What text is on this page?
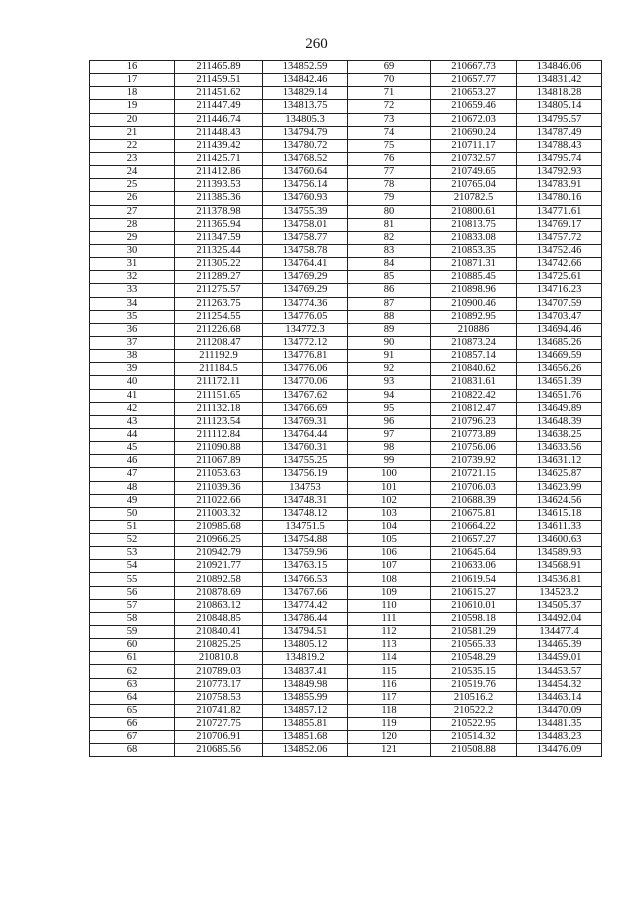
260
16	211465.89	134852.59	69	210667.73	134846.06
17	211459.51	134842.46	70	210657.77	134831.42
18	211451.62	134829.14	71	210653.27	134818.28
19	211447.49	134813.75	72	210659.46	134805.14
20	211446.74	134805.3	73	210672.03	134795.57
21	211448.43	134794.79	74	210690.24	134787.49
22	211439.42	134780.72	75	210711.17	134788.43
23	211425.71	134768.52	76	210732.57	134795.74
24	211412.86	134760.64	77	210749.65	134792.93
25	211393.53	134756.14	78	210765.04	134783.91
26	211385.36	134760.93	79	210782.5	134780.16
27	211378.98	134755.39	80	210800.61	134771.61
28	211365.94	134758.01	81	210813.75	134769.17
29	211347.59	134758.77	82	210833.08	134757.72
30	211325.44	134758.78	83	210853.35	134752.46
31	211305.22	134764.41	84	210871.31	134742.66
32	211289.27	134769.29	85	210885.45	134725.61
33	211275.57	134769.29	86	210898.96	134716.23
34	211263.75	134774.36	87	210900.46	134707.59
35	211254.55	134776.05	88	210892.95	134703.47
36	211226.68	134772.3	89	210886	134694.46
37	211208.47	134772.12	90	210873.24	134685.26
38	211192.9	134776.81	91	210857.14	134669.59
39	211184.5	134776.06	92	210840.62	134656.26
40	211172.11	134770.06	93	210831.61	134651.39
41	211151.65	134767.62	94	210822.42	134651.76
42	211132.18	134766.69	95	210812.47	134649.89
43	211123.54	134769.31	96	210796.23	134648.39
44	211112.84	134764.44	97	210773.89	134638.25
45	211090.88	134760.31	98	210756.06	134633.56
46	211067.89	134755.25	99	210739.92	134631.12
47	211053.63	134756.19	100	210721.15	134625.87
48	211039.36	134753	101	210706.03	134623.99
49	211022.66	134748.31	102	210688.39	134624.56
50	211003.32	134748.12	103	210675.81	134615.18
51	210985.68	134751.5	104	210664.22	134611.33
52	210966.25	134754.88	105	210657.27	134600.63
53	210942.79	134759.96	106	210645.64	134589.93
54	210921.77	134763.15	107	210633.06	134568.91
55	210892.58	134766.53	108	210619.54	134536.81
56	210878.69	134767.66	109	210615.27	134523.2
57	210863.12	134774.42	110	210610.01	134505.37
58	210848.85	134786.44	111	210598.18	134492.04
59	210840.41	134794.51	112	210581.29	134477.4
60	210825.25	134805.12	113	210565.33	134465.39
61	210810.8	134819.2	114	210548.29	134459.01
62	210789.03	134837.41	115	210535.15	134453.57
63	210773.17	134849.98	116	210519.76	134454.32
64	210758.53	134855.99	117	210516.2	134463.14
65	210741.82	134857.12	118	210522.2	134470.09
66	210727.75	134855.81	119	210522.95	134481.35
67	210706.91	134851.68	120	210514.32	134483.23
68	210685.56	134852.06	121	210508.88	134476.09
